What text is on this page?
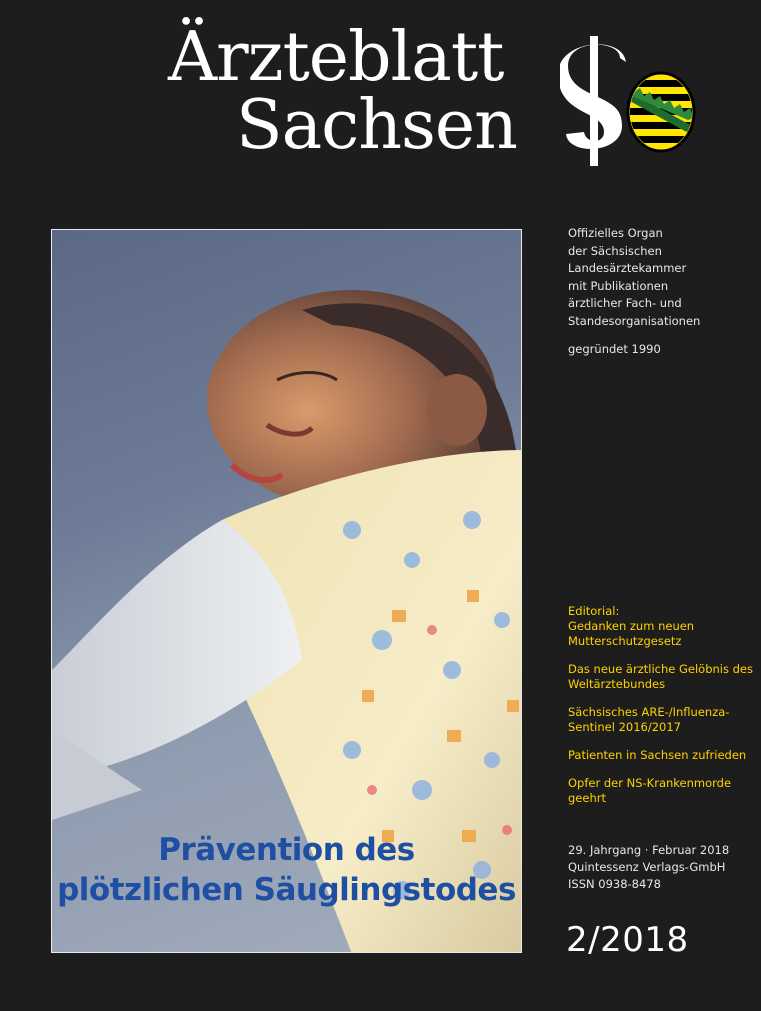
Ärzteblatt
Sachsen
Prävention des
plötzlichen Säuglingstodes
Offizielles Organ
der Sächsischen
Landesärztekammer
mit Publikationen
ärztlicher Fach- und
Standesorganisationen
gegründet 1990
Editorial:
Gedanken zum neuen
Mutterschutzgesetz
Das neue ärztliche Gelöbnis des
Weltärztebundes
Sächsisches ARE-/Influenza-
Sentinel 2016/2017
Patienten in Sachsen zufrieden
Opfer der NS-Krankenmorde
geehrt
29. Jahrgang · Februar 2018
Quintessenz Verlags-GmbH
ISSN 0938-8478
2/2018
